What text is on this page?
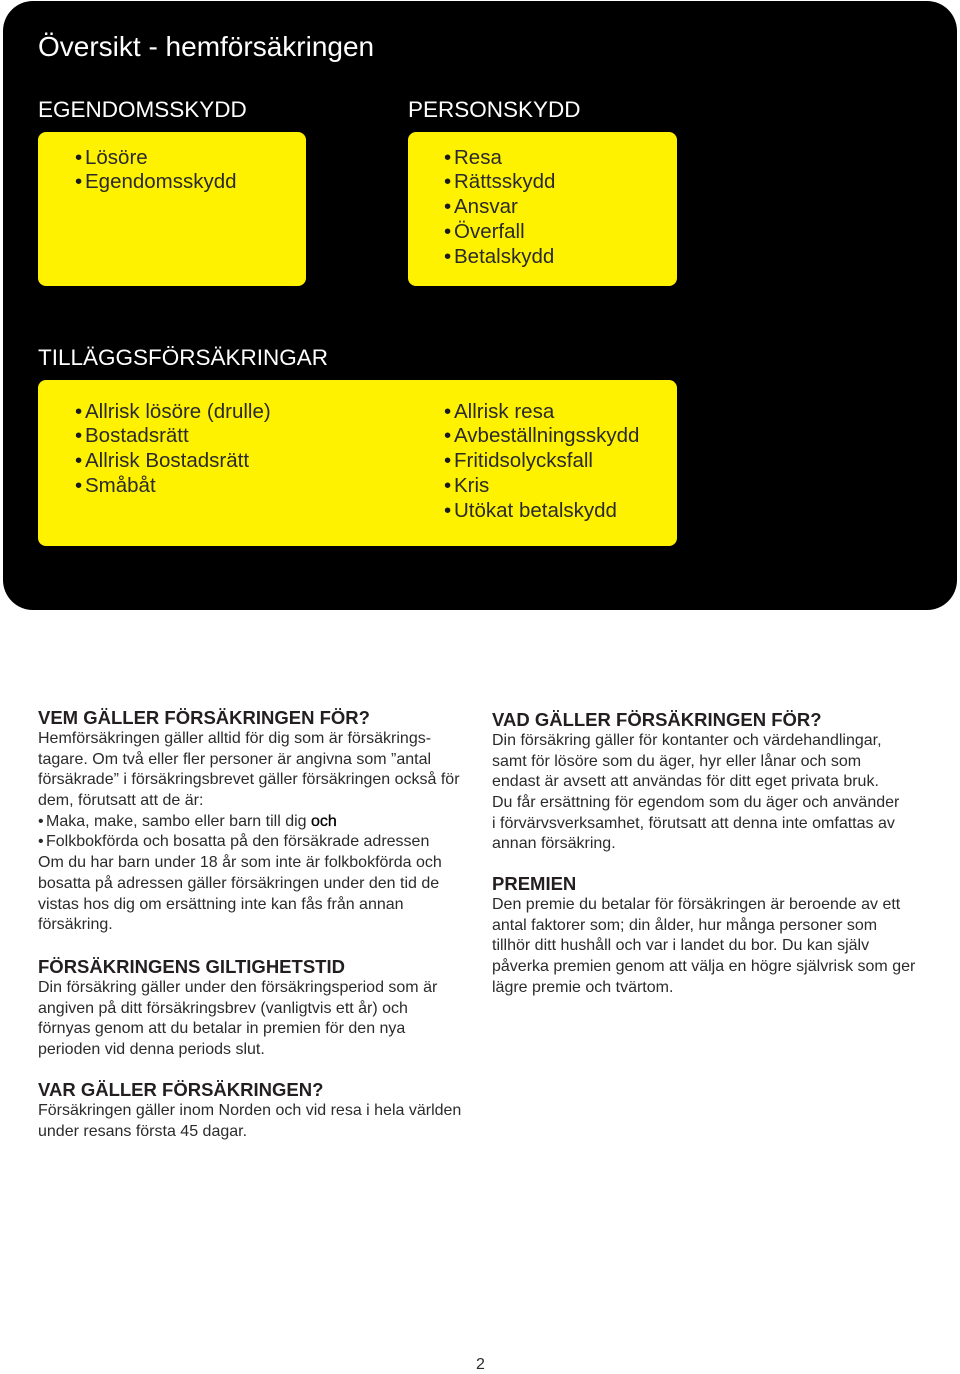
Översikt - hemförsäkringen
EGENDOMSSKYDD	PERSONSKYDD
• Lösöre
• Egendomsskydd
• Resa
• Rättsskydd
• Ansvar
• Överfall
• Betalskydd
TILLÄGGSFÖRSÄKRINGAR
• Allrisk lösöre (drulle)
• Bostadsrätt
• Allrisk Bostadsrätt
• Småbåt
• Allrisk resa
• Avbeställningsskydd
• Fritidsolycksfall
• Kris
• Utökat betalskydd
VEM GÄLLER FÖRSÄKRINGEN FÖR?
Hemförsäkringen gäller alltid för dig som är försäkrings-
tagare. Om två eller fler personer är angivna som ”antal
försäkrade” i försäkringsbrevet gäller försäkringen också för
dem, förutsatt att de är:
• Maka, make, sambo eller barn till dig och
• Folkbokförda och bosatta på den försäkrade adressen
Om du har barn under 18 år som inte är folkbokförda och
bosatta på adressen gäller försäkringen under den tid de
vistas hos dig om ersättning inte kan fås från annan
försäkring.
FÖRSÄKRINGENS GILTIGHETSTID
Din försäkring gäller under den försäkringsperiod som är
angiven på ditt försäkringsbrev (vanligtvis ett år) och
förnyas genom att du betalar in premien för den nya
perioden vid denna periods slut.
VAR GÄLLER FÖRSÄKRINGEN?
Försäkringen gäller inom Norden och vid resa i hela världen
under resans första 45 dagar.
VAD GÄLLER FÖRSÄKRINGEN FÖR?
Din försäkring gäller för kontanter och värdehandlingar,
samt för lösöre som du äger, hyr eller lånar och som
endast är avsett att användas för ditt eget privata bruk.
Du får ersättning för egendom som du äger och använder
i förvärvsverksamhet, förutsatt att denna inte omfattas av
annan försäkring.
PREMIEN
Den premie du betalar för försäkringen är beroende av ett
antal faktorer som; din ålder, hur många personer som
tillhör ditt hushåll och var i landet du bor. Du kan själv
påverka premien genom att välja en högre självrisk som ger
lägre premie och tvärtom.
2
